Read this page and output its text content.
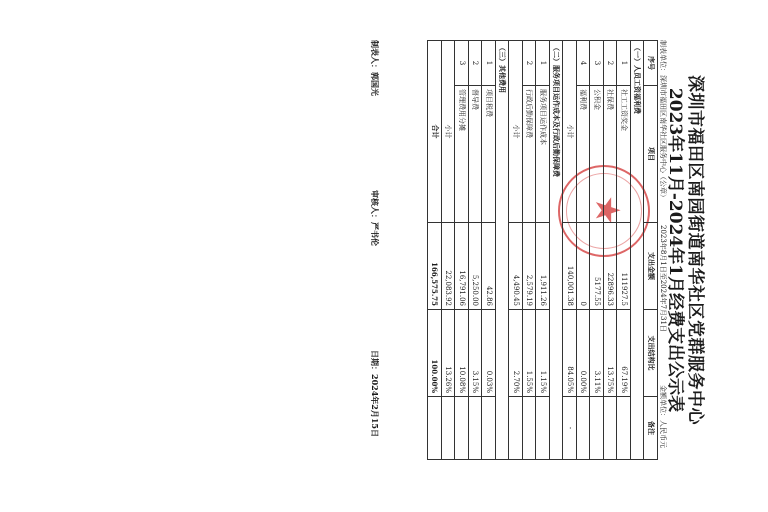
深圳市福田区南园街道南华社区党群服务中心
2023年11月-2024年1月经费支出公示表
制表单位：深圳市福田区南华社区服务中心（公章）
2023年8月1日至2024年7月31日
金额单位：人民币元
★
序号	项目	支出金额	支出结构比	备注
（一）人员工资福利费				
1	社工工资奖金	111927.5	67.19%	
2	社保费	22896.33	13.75%	
3	公积金	5177.55	3.11%	
4	福利费	0	0.00%	
小计		140,001.38	84.05%	-
（二）服务项目运作成本及行政后勤保障费				
1	服务项目运作成本	1,911.26	1.15%	
2	行政后勤保障费	2,579.19	1.55%	
小计		4,490.45	2.70%	
（三）其他费用				
1	项目税费	42.86	0.03%	
2	督导费	5,250.00	3.15%	
3	管理费用分摊	16,791.06	10.08%	
小计		22,083.92	13.26%	
合计		166,575.75	100.00%	
制表人：郭国光
审核人：严书伦
日期：2024年2月15日
